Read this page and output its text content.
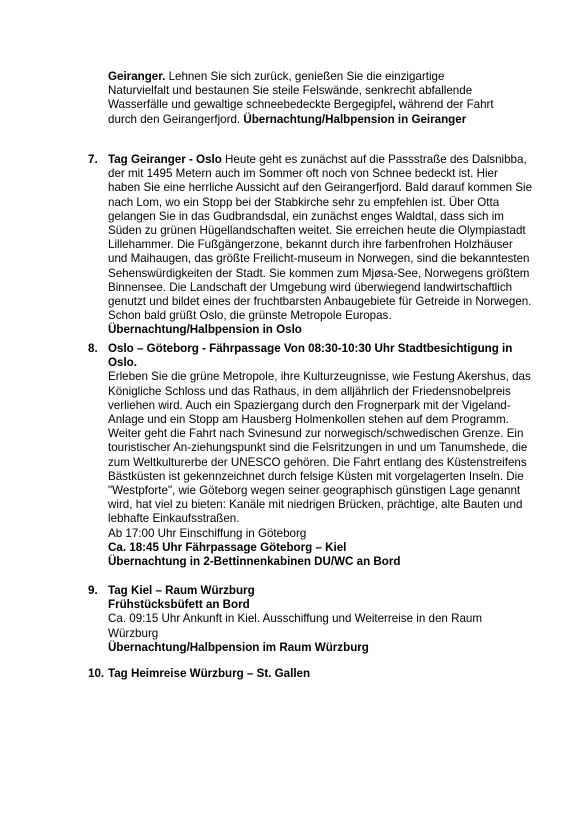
Geiranger. Lehnen Sie sich zurück, genießen Sie die einzigartige Naturvielfalt und bestaunen Sie steile Felswände, senkrecht abfallende Wasserfälle und gewaltige schneebedeckte Bergegipfel, während der Fahrt durch den Geirangerfjord. Übernachtung/Halbpension in Geiranger

7. Tag Geiranger - Oslo Heute geht es zunächst auf die Passstraße des Dalsnibba, der mit 1495 Metern auch im Sommer oft noch von Schnee bedeckt ist. Hier haben Sie eine herrliche Aussicht auf den Geirangerfjord. Bald darauf kommen Sie nach Lom, wo ein Stopp bei der Stabkirche sehr zu empfehlen ist. Über Otta gelangen Sie in das Gudbrandsdal, ein zunächst enges Waldtal, dass sich im Süden zu grünen Hügellandschaften weitet. Sie erreichen heute die Olympiastadt Lillehammer. Die Fußgängerzone, bekannt durch ihre farbenfrohen Holzhäuser und Maihaugen, das größte Freilicht-museum in Norwegen, sind die bekanntesten Sehenswürdigkeiten der Stadt. Sie kommen zum Mjøsa-See, Norwegens größtem Binnensee. Die Landschaft der Umgebung wird überwiegend landwirtschaftlich genutzt und bildet eines der fruchtbarsten Anbaugebiete für Getreide in Norwegen. Schon bald grüßt Oslo, die grünste Metropole Europas. Übernachtung/Halbpension in Oslo

8. Oslo – Göteborg - Fährpassage Von 08:30-10:30 Uhr Stadtbesichtigung in Oslo.

Erleben Sie die grüne Metropole, ihre Kulturzeugnisse, wie Festung Akershus, das Königliche Schloss und das Rathaus, in dem alljährlich der Friedensnobelpreis verliehen wird. Auch ein Spaziergang durch den Frognerpark mit der Vigeland-Anlage und ein Stopp am Hausberg Holmenkollen stehen auf dem Programm. Weiter geht die Fahrt nach Svinesund zur norwegisch/schwedischen Grenze. Ein touristischer An-ziehungspunkt sind die Felsritzungen in und um Tanumshede, die zum Weltkulturerbe der UNESCO gehören. Die Fahrt entlang des Küstenstreifens Bästküsten ist gekennzeichnet durch felsige Küsten mit vorgelagerten Inseln. Die "Westpforte", wie Göteborg wegen seiner geographisch günstigen Lage genannt wird, hat viel zu bieten: Kanäle mit niedrigen Brücken, prächtige, alte Bauten und lebhafte Einkaufsstraßen.

Ab 17:00 Uhr Einschiffung in Göteborg

Ca. 18:45 Uhr Fährpassage Göteborg – Kiel

Übernachtung in 2-Bettinnenkabinen DU/WC an Bord

9. Tag Kiel – Raum Würzburg

Frühstücksbüfett an Bord

Ca. 09:15 Uhr Ankunft in Kiel. Ausschiffung und Weiterreise in den Raum Würzburg

Übernachtung/Halbpension im Raum Würzburg

10. Tag Heimreise Würzburg – St. Gallen
